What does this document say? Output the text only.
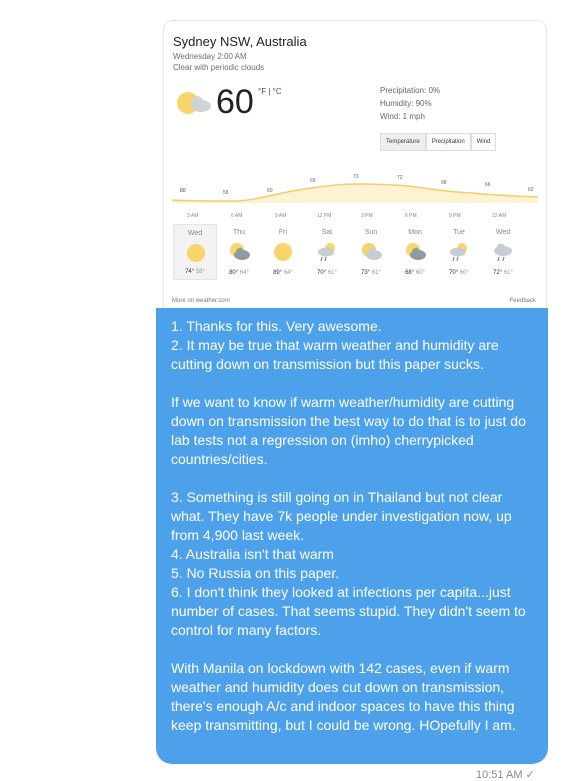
Sydney NSW, Australia
Wednesday 2:00 AM
Clear with periodic clouds
60 °F | °C	Precipitation: 0%
Humidity: 90%
Wind: 1 mph
Temperature	Precipitation	Wind
60	58	60
69
73	72
68	66
62
3 AM	6 AM	9 AM	12 PM	3 PM	6 PM	9 PM	12 AM
Wed
74° 58°
Thu
80° 64°
Fri
89° 64°
Sat
70° 61°
Sun
73° 61°
Mon
68° 60°
Tue
70° 60°
Wed
72° 61°
More on weather.com	Feedback

1. Thanks for this. Very awesome.
2. It may be true that warm weather and humidity are cutting down on transmission but this paper sucks.

If we want to know if warm weather/humidity are cutting down on transmission the best way to do that is to just do lab tests not a regression on (imho) cherrypicked countries/cities.

3. Something is still going on in Thailand but not clear what. They have 7k people under investigation now, up from 4,900 last week.
4. Australia isn't that warm
5. No Russia on this paper.
6. I don't think they looked at infections per capita...just number of cases. That seems stupid. They didn't seem to control for many factors.

With Manila on lockdown with 142 cases, even if warm weather and humidity does cut down on transmission, there's enough A/c and indoor spaces to have this thing keep transmitting, but I could be wrong. HOpefully I am.

10:51 AM ✓
